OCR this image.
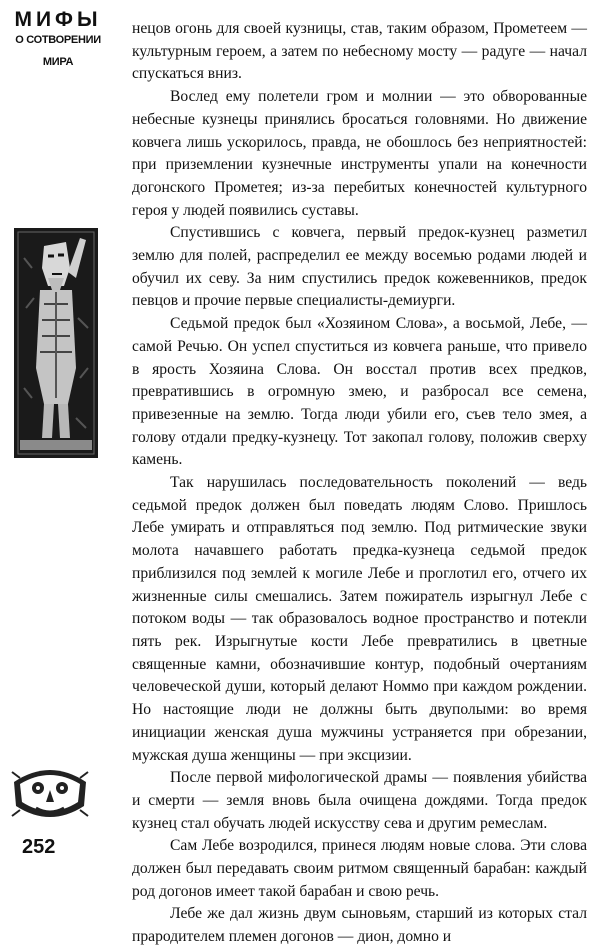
МИФЫ
О СОТВОРЕНИИ
МИРА
252

нецов огонь для своей кузницы, став, таким образом, Прометеем — культурным героем, а затем по небесному мосту — радуге — начал спускаться вниз.

Вослед ему полетели гром и молнии — это обворованные небесные кузнецы принялись бросаться головнями. Но движение ковчега лишь ускорилось, правда, не обошлось без неприятностей: при приземлении кузнечные инструменты упали на конечности догонского Прометея; из-за перебитых конечностей культурного героя у людей появились суставы.

Спустившись с ковчега, первый предок-кузнец разметил землю для полей, распределил ее между восемью родами людей и обучил их севу. За ним спустились предок кожевенников, предок певцов и прочие первые специалисты-демиурги.

Седьмой предок был «Хозяином Слова», а восьмой, Лебе, — самой Речью. Он успел спуститься из ковчега раньше, что привело в ярость Хозяина Слова. Он восстал против всех предков, превратившись в огромную змею, и разбросал все семена, привезенные на землю. Тогда люди убили его, съев тело змея, а голову отдали предку-кузнецу. Тот закопал голову, положив сверху камень.

Так нарушилась последовательность поколений — ведь седьмой предок должен был поведать людям Слово. Пришлось Лебе умирать и отправляться под землю. Под ритмические звуки молота начавшего работать предка-кузнеца седьмой предок приблизился под землей к могиле Лебе и проглотил его, отчего их жизненные силы смешались. Затем пожиратель изрыгнул Лебе с потоком воды — так образовалось водное пространство и потекли пять рек. Изрыгнутые кости Лебе превратились в цветные священные камни, обозначившие контур, подобный очертаниям человеческой души, который делают Номмо при каждом рождении. Но настоящие люди не должны быть двуполыми: во время инициации женская душа мужчины устраняется при обрезании, мужская душа женщины — при эксцизии.

После первой мифологической драмы — появления убийства и смерти — земля вновь была очищена дождями. Тогда предок кузнец стал обучать людей искусству сева и другим ремеслам.

Сам Лебе возродился, принеся людям новые слова. Эти слова должен был передавать своим ритмом священный барабан: каждый род догонов имеет такой барабан и свою речь.

Лебе же дал жизнь двум сыновьям, старший из которых стал прародителем племен догонов — дион, домно и
